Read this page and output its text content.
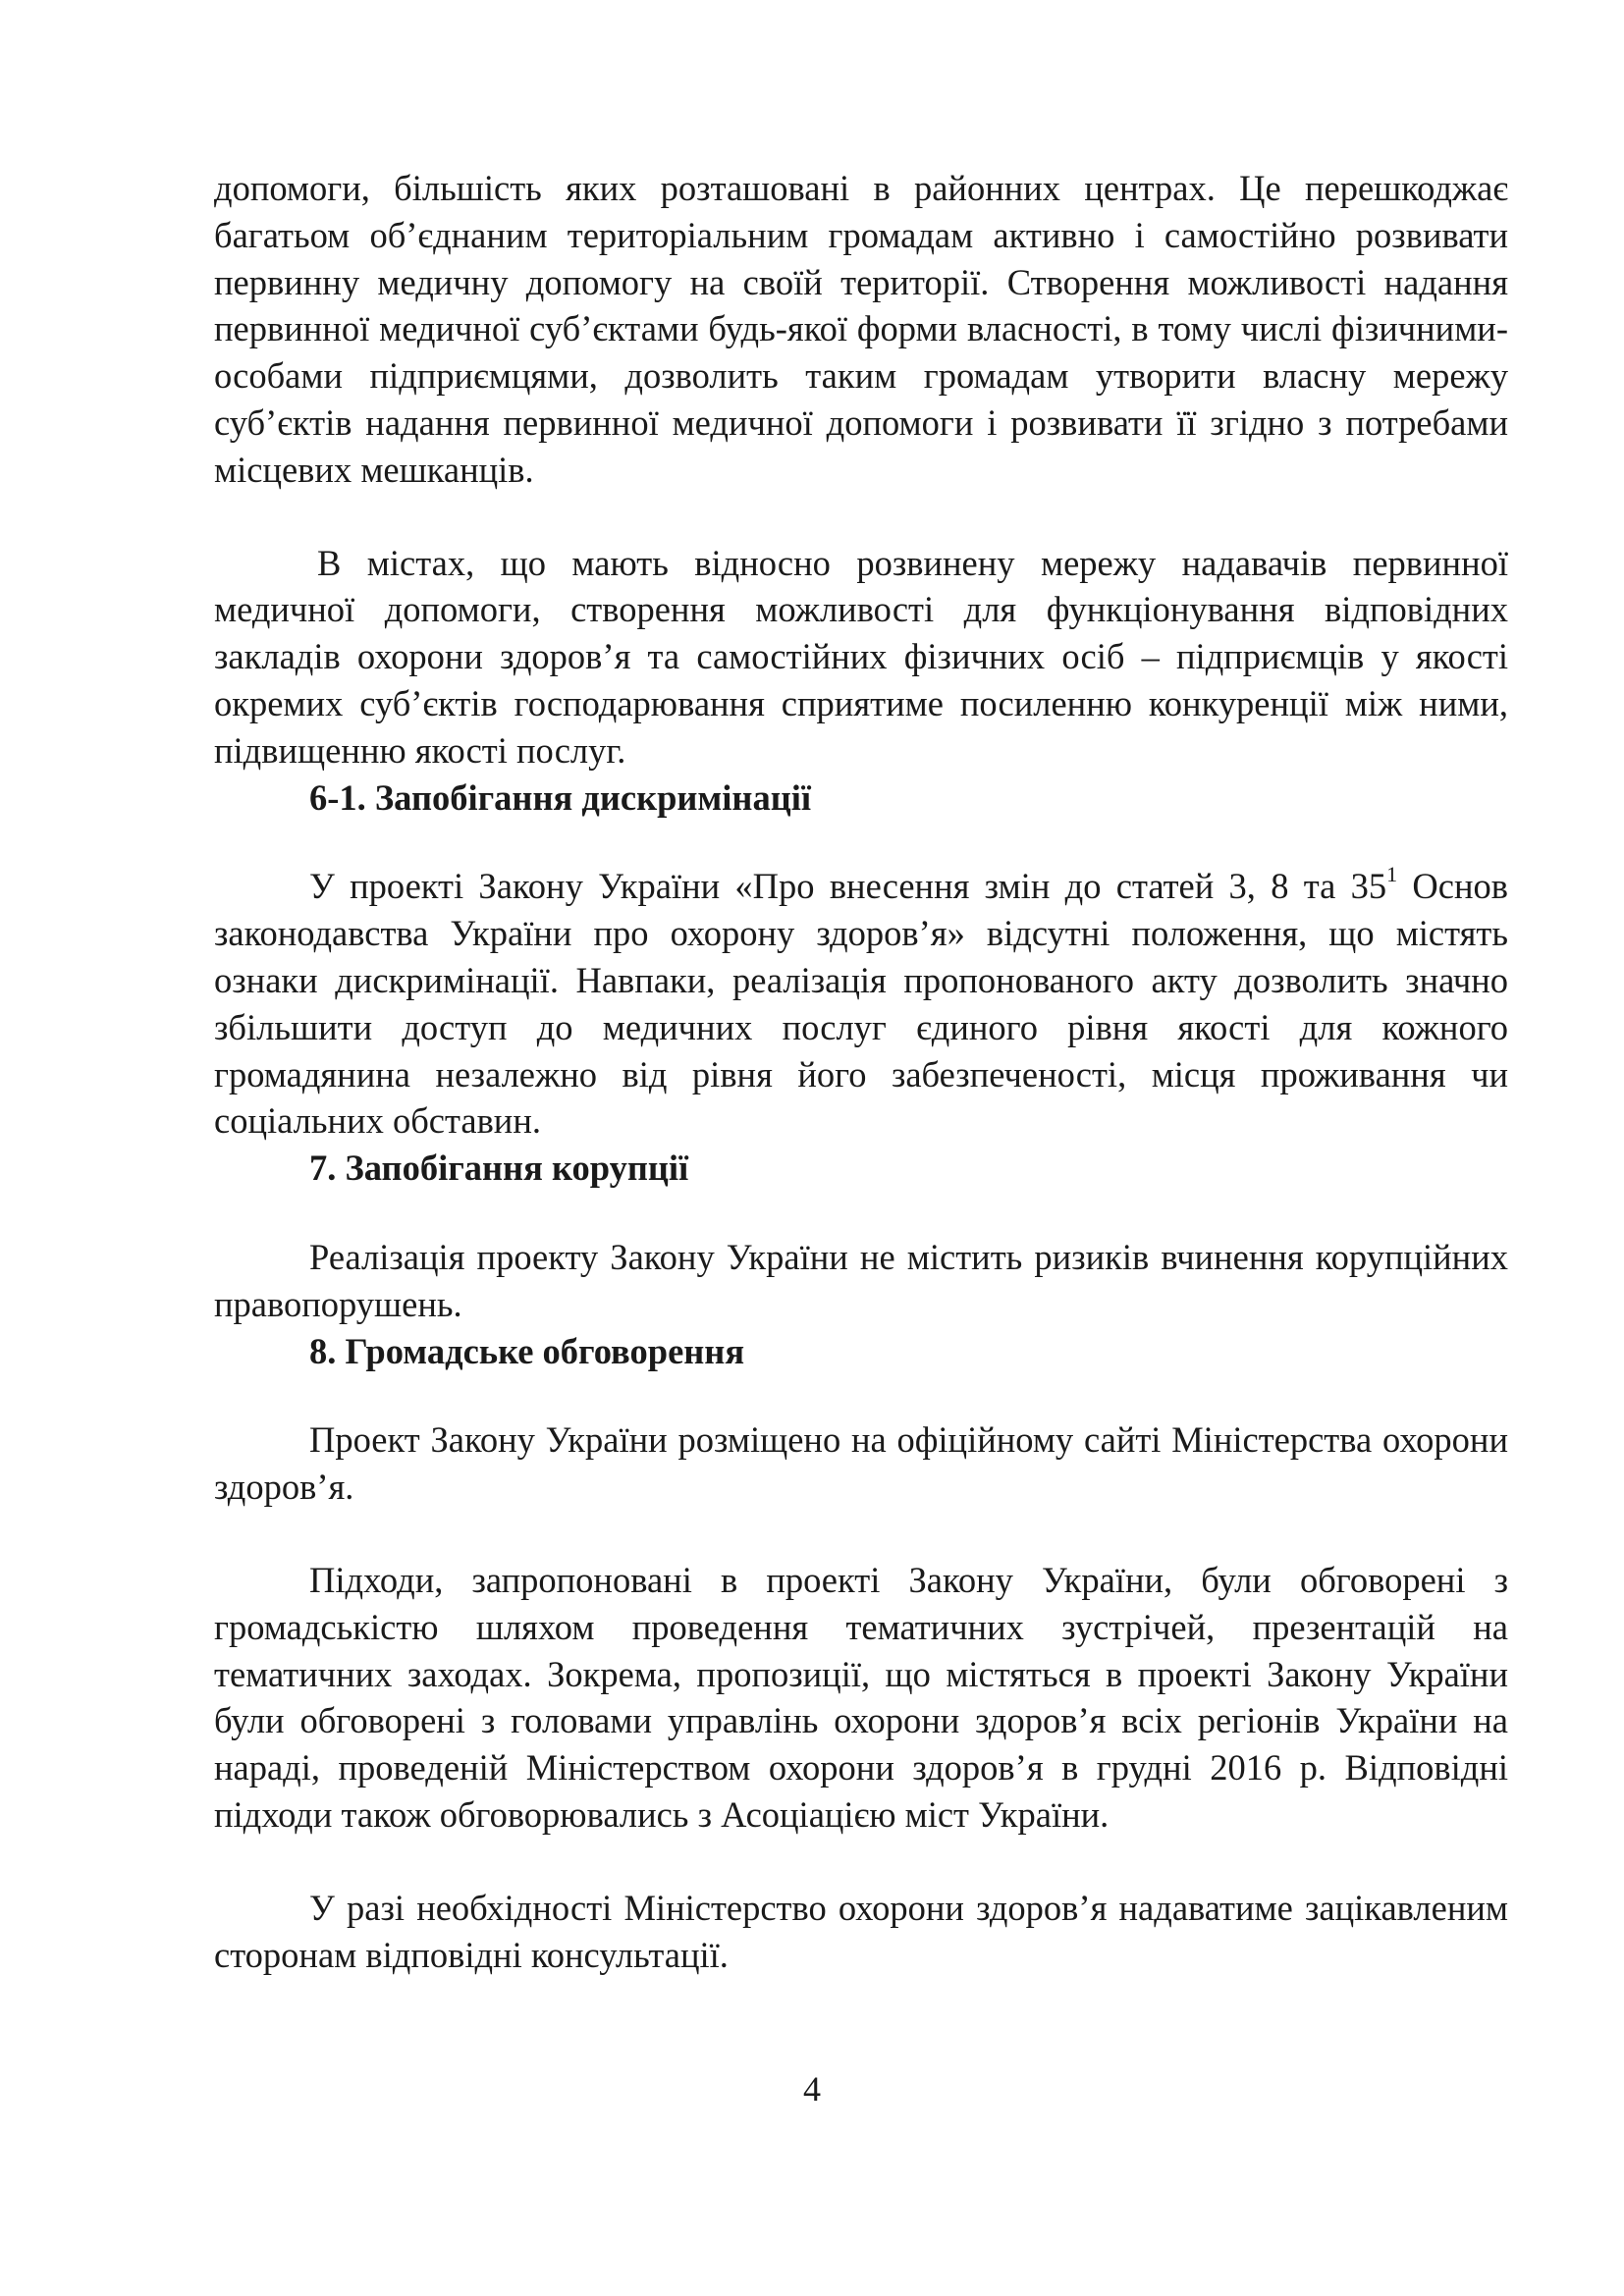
допомоги, більшість яких розташовані в районних центрах. Це перешкоджає багатьом об’єднаним територіальним громадам активно і самостійно розвивати первинну медичну допомогу на своїй території. Створення можливості надання первинної медичної суб’єктами будь-якої форми власності, в тому числі фізичними-особами підприємцями, дозволить таким громадам утворити власну мережу суб’єктів надання первинної медичної допомоги і розвивати її згідно з потребами місцевих мешканців.

В містах, що мають відносно розвинену мережу надавачів первинної медичної допомоги, створення можливості для функціонування відповідних закладів охорони здоров’я та самостійних фізичних осіб – підприємців у якості окремих суб’єктів господарювання сприятиме посиленню конкуренції між ними, підвищенню якості послуг.

6-1. Запобігання дискримінації

У проекті Закону України «Про внесення змін до статей 3, 8 та $35^1$ Основ законодавства України про охорону здоров’я» відсутні положення, що містять ознаки дискримінації. Навпаки, реалізація пропонованого акту дозволить значно збільшити доступ до медичних послуг єдиного рівня якості для кожного громадянина незалежно від рівня його забезпеченості, місця проживання чи соціальних обставин.

7. Запобігання корупції

Реалізація проекту Закону України не містить ризиків вчинення корупційних правопорушень.

8. Громадське обговорення

Проект Закону України розміщено на офіційному сайті Міністерства охорони здоров’я.

Підходи, запропоновані в проекті Закону України, були обговорені з громадськістю шляхом проведення тематичних зустрічей, презентацій на тематичних заходах. Зокрема, пропозиції, що містяться в проекті Закону України були обговорені з головами управлінь охорони здоров’я всіх регіонів України на нараді, проведеній Міністерством охорони здоров’я в грудні 2016 р. Відповідні підходи також обговорювались з Асоціацією міст України.

У разі необхідності Міністерство охорони здоров’я надаватиме зацікавленим сторонам відповідні консультації.

4
